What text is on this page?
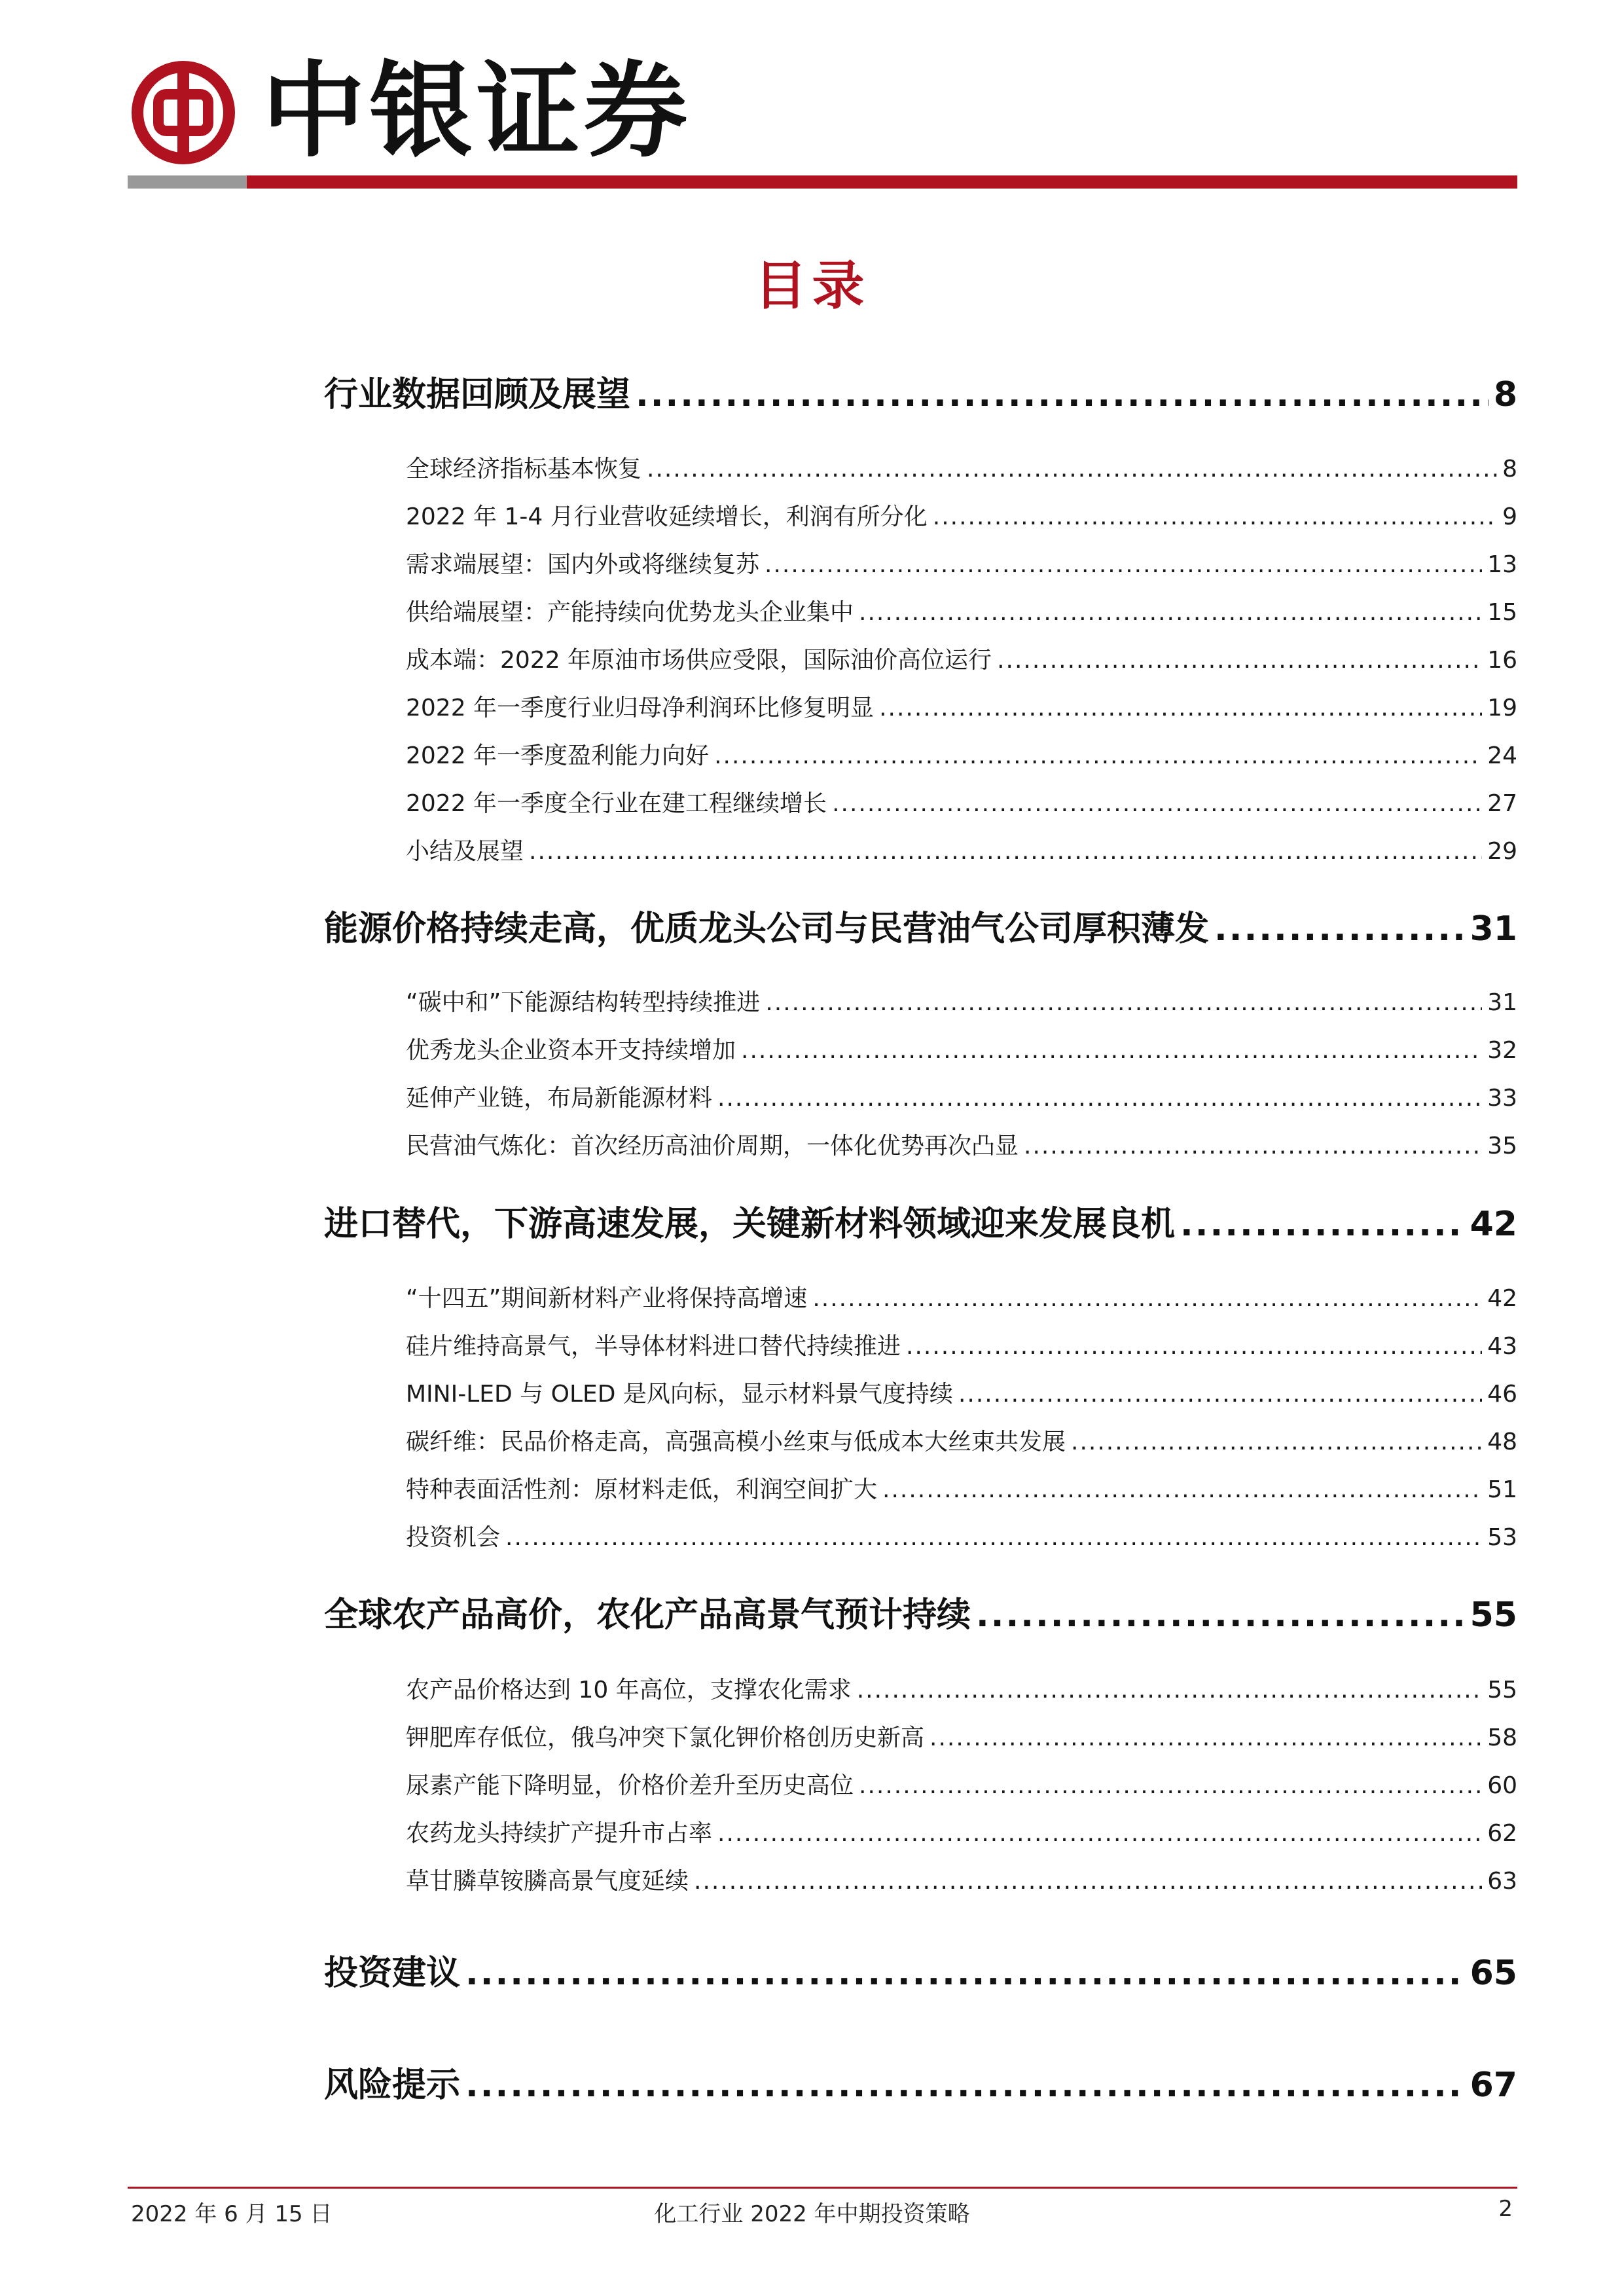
中银证券
目录
行业数据回顾及展望 .....	8
全球经济指标基本恢复 .....	8
2022 年 1-4 月行业营收延续增长，利润有所分化 .....	9
需求端展望：国内外或将继续复苏 .....	13
供给端展望：产能持续向优势龙头企业集中 .....	15
成本端：2022 年原油市场供应受限，国际油价高位运行 .....	16
2022 年一季度行业归母净利润环比修复明显 .....	19
2022 年一季度盈利能力向好 .....	24
2022 年一季度全行业在建工程继续增长 .....	27
小结及展望 .....	29
能源价格持续走高，优质龙头公司与民营油气公司厚积薄发 .....	31
“碳中和”下能源结构转型持续推进 .....	31
优秀龙头企业资本开支持续增加 .....	32
延伸产业链，布局新能源材料 .....	33
民营油气炼化：首次经历高油价周期，一体化优势再次凸显 .....	35
进口替代，下游高速发展，关键新材料领域迎来发展良机 .....	42
“十四五”期间新材料产业将保持高增速 .....	42
硅片维持高景气，半导体材料进口替代持续推进 .....	43
MINI-LED 与 OLED 是风向标，显示材料景气度持续 .....	46
碳纤维：民品价格走高，高强高模小丝束与低成本大丝束共发展 .....	48
特种表面活性剂：原材料走低，利润空间扩大 .....	51
投资机会 .....	53
全球农产品高价，农化产品高景气预计持续 .....	55
农产品价格达到 10 年高位，支撑农化需求 .....	55
钾肥库存低位，俄乌冲突下氯化钾价格创历史新高 .....	58
尿素产能下降明显，价格价差升至历史高位 .....	60
农药龙头持续扩产提升市占率 .....	62
草甘膦草铵膦高景气度延续 .....	63
投资建议 .....	65
风险提示 .....	67
2022 年 6 月 15 日	化工行业 2022 年中期投资策略	2
